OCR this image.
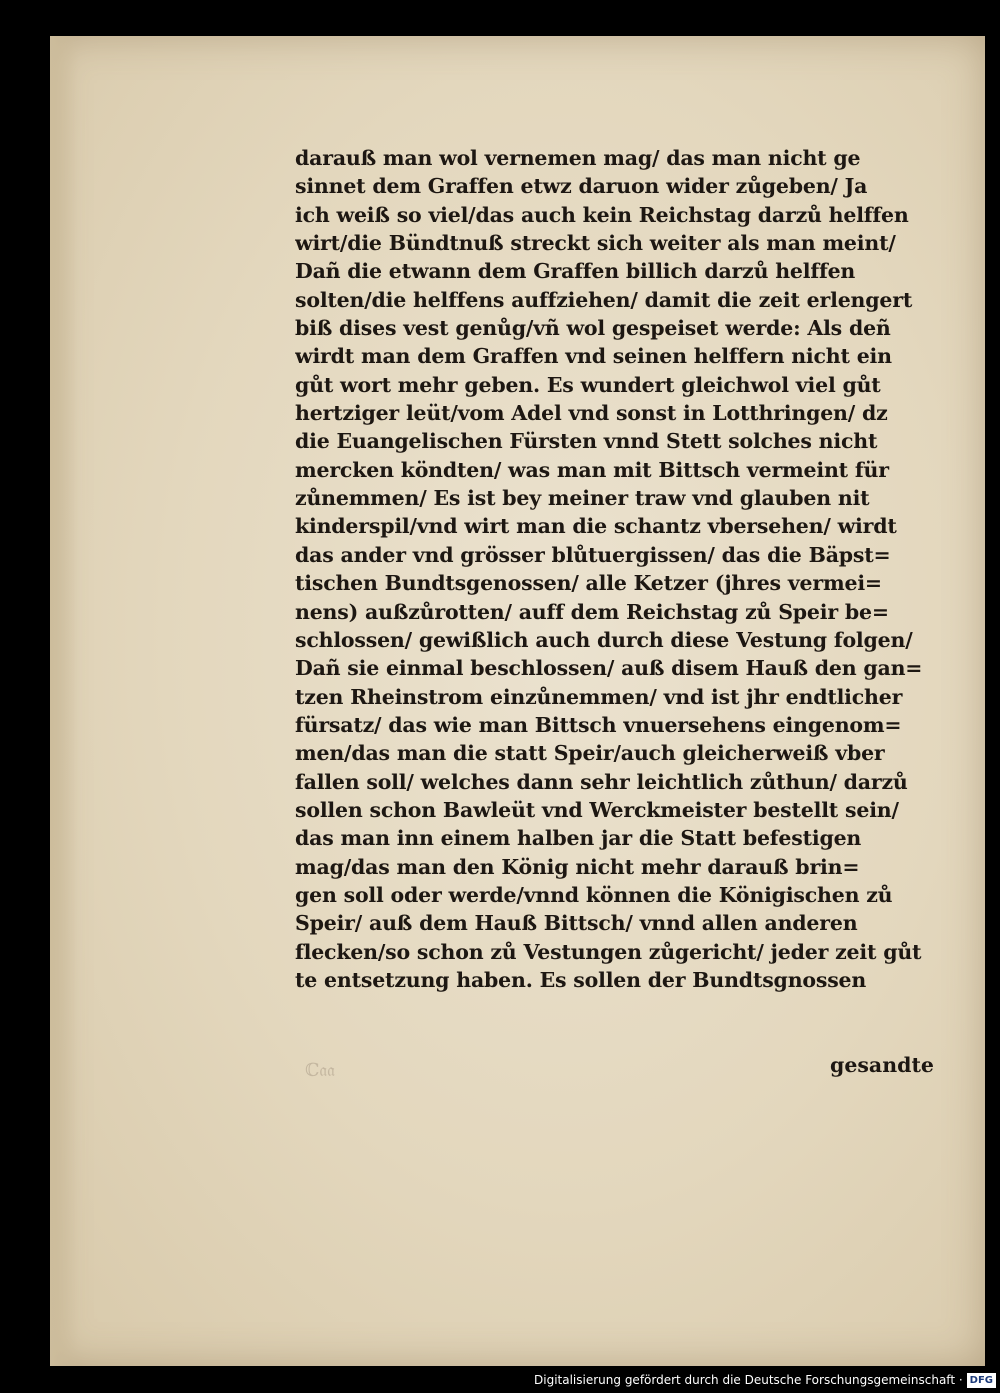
darauß man wol vernemen mag/ das man nicht ge
sinnet dem Graffen etwz daruon wider zůgeben/ Ja
ich weiß so viel/das auch kein Reichstag darzů helffen
wirt/die Bündtnuß streckt sich weiter als man meint/
Dañ die etwann dem Graffen billich darzů helffen
solten/die helffens auffziehen/ damit die zeit erlengert
biß dises vest genůg/vñ wol gespeiset werde: Als deñ
wirdt man dem Graffen vnd seinen helffern nicht ein
gůt wort mehr geben. Es wundert gleichwol viel gůt
hertziger leüt/vom Adel vnd sonst in Lotthringen/ dz
die Euangelischen Fürsten vnnd Stett solches nicht
mercken köndten/ was man mit Bittsch vermeint für
zůnemmen/ Es ist bey meiner traw vnd glauben nit
kinderspil/vnd wirt man die schantz vbersehen/ wirdt
das ander vnd grösser blůtuergissen/ das die Bäpst=
tischen Bundtsgenossen/ alle Ketzer (jhres vermei=
nens) außzůrotten/ auff dem Reichstag zů Speir be=
schlossen/ gewißlich auch durch diese Vestung folgen/
Dañ sie einmal beschlossen/ auß disem Hauß den gan=
tzen Rheinstrom einzůnemmen/ vnd ist jhr endtlicher
fürsatz/ das wie man Bittsch vnuersehens eingenom=
men/das man die statt Speir/auch gleicherweiß vber
fallen soll/ welches dann sehr leichtlich zůthun/ darzů
sollen schon Bawleüt vnd Werckmeister bestellt sein/
das man inn einem halben jar die Statt befestigen
mag/das man den König nicht mehr darauß brin=
gen soll oder werde/vnnd können die Königischen zů
Speir/ auß dem Hauß Bittsch/ vnnd allen anderen
flecken/so schon zů Vestungen zůgericht/ jeder zeit gůt
te entsetzung haben. Es sollen der Bundtsgnossen
ℂ𝔞𝔞	gesandte
Digitalisierung gefördert durch die Deutsche Forschungsgemeinschaft · DFG
